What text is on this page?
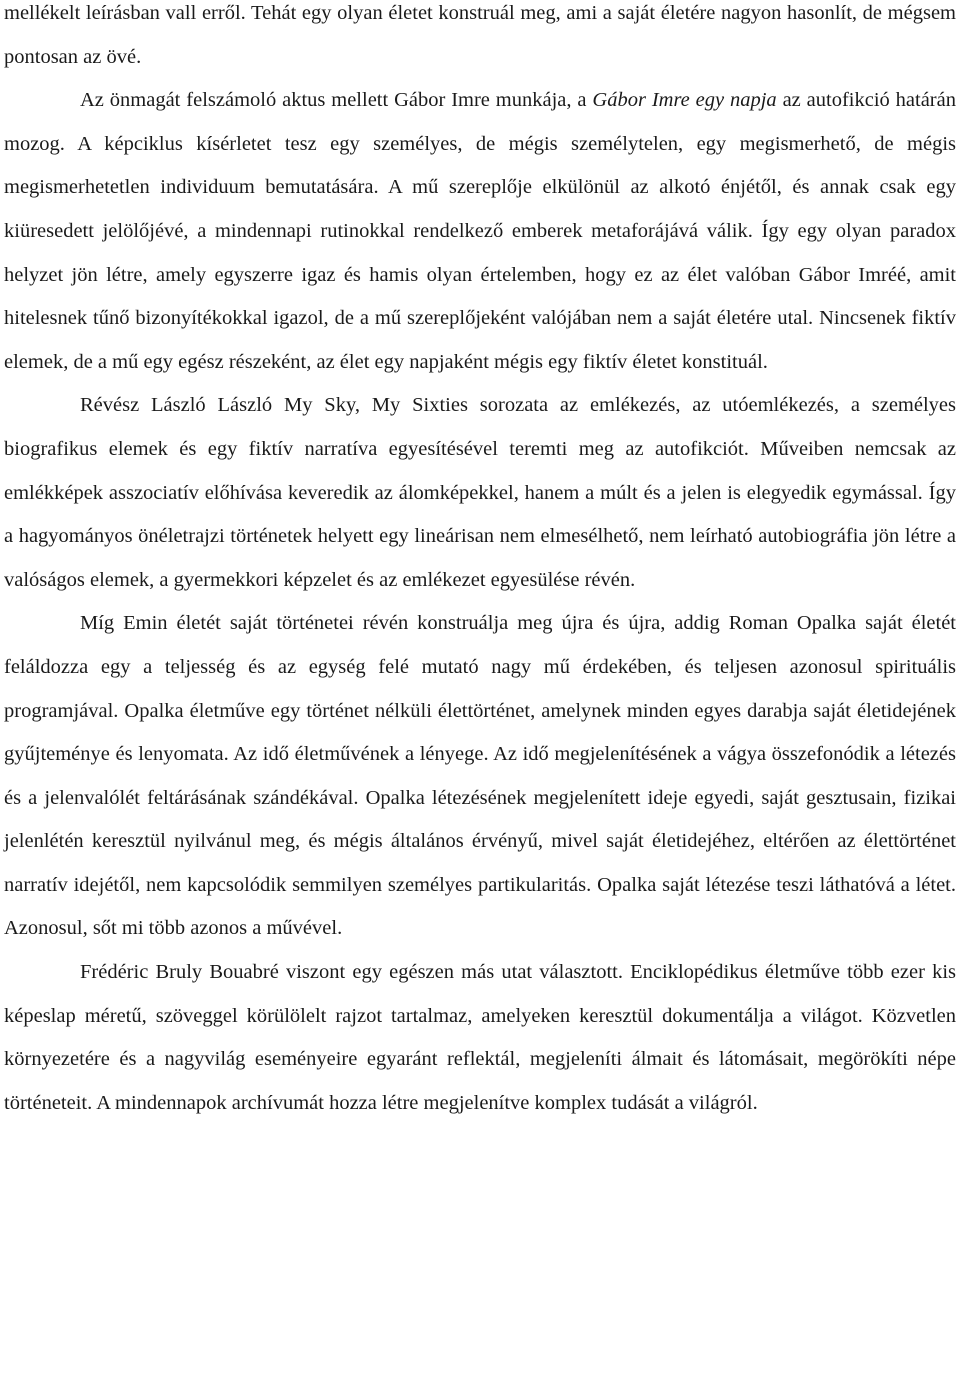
mellékelt leírásban vall erről. Tehát egy olyan életet konstruál meg, ami a saját életére nagyon hasonlít, de mégsem pontosan az övé.

Az önmagát felszámoló aktus mellett Gábor Imre munkája, a Gábor Imre egy napja az autofikció határán mozog. A képciklus kísérletet tesz egy személyes, de mégis személytelen, egy megismerhető, de mégis megismerhetetlen individuum bemutatására. A mű szereplője elkülönül az alkotó énjétől, és annak csak egy kiüresedett jelölőjévé, a mindennapi rutinokkal rendelkező emberek metaforájává válik. Így egy olyan paradox helyzet jön létre, amely egyszerre igaz és hamis olyan értelemben, hogy ez az élet valóban Gábor Imréé, amit hitelesnek tűnő bizonyítékokkal igazol, de a mű szereplőjeként valójában nem a saját életére utal. Nincsenek fiktív elemek, de a mű egy egész részeként, az élet egy napjaként mégis egy fiktív életet konstituál.

Révész László László My Sky, My Sixties sorozata az emlékezés, az utóemlékezés, a személyes biografikus elemek és egy fiktív narratíva egyesítésével teremti meg az autofikciót. Műveiben nemcsak az emlékképek asszociatív előhívása keveredik az álomképekkel, hanem a múlt és a jelen is elegyedik egymással. Így a hagyományos önéletrajzi történetek helyett egy lineárisan nem elmesélhető, nem leírható autobiográfia jön létre a valóságos elemek, a gyermekkori képzelet és az emlékezet egyesülése révén.

Míg Emin életét saját történetei révén konstruálja meg újra és újra, addig Roman Opalka saját életét feláldozza egy a teljesség és az egység felé mutató nagy mű érdekében, és teljesen azonosul spirituális programjával. Opalka életműve egy történet nélküli élettörténet, amelynek minden egyes darabja saját életidejének gyűjteménye és lenyomata. Az idő életművének a lényege. Az idő megjelenítésének a vágya összefonódik a létezés és a jelenvalólét feltárásának szándékával. Opalka létezésének megjelenített ideje egyedi, saját gesztusain, fizikai jelenlétén keresztül nyilvánul meg, és mégis általános érvényű, mivel saját életidejéhez, eltérően az élettörténet narratív idejétől, nem kapcsolódik semmilyen személyes partikularitás. Opalka saját létezése teszi láthatóvá a létet. Azonosul, sőt mi több azonos a művével.

Frédéric Bruly Bouabré viszont egy egészen más utat választott. Enciklopédikus életműve több ezer kis képeslap méretű, szöveggel körülölelt rajzot tartalmaz, amelyeken keresztül dokumentálja a világot. Közvetlen környezetére és a nagyvilág eseményeire egyaránt reflektál, megjeleníti álmait és látomásait, megörökíti népe történeteit. A mindennapok archívumát hozza létre megjelenítve komplex tudását a világról.
